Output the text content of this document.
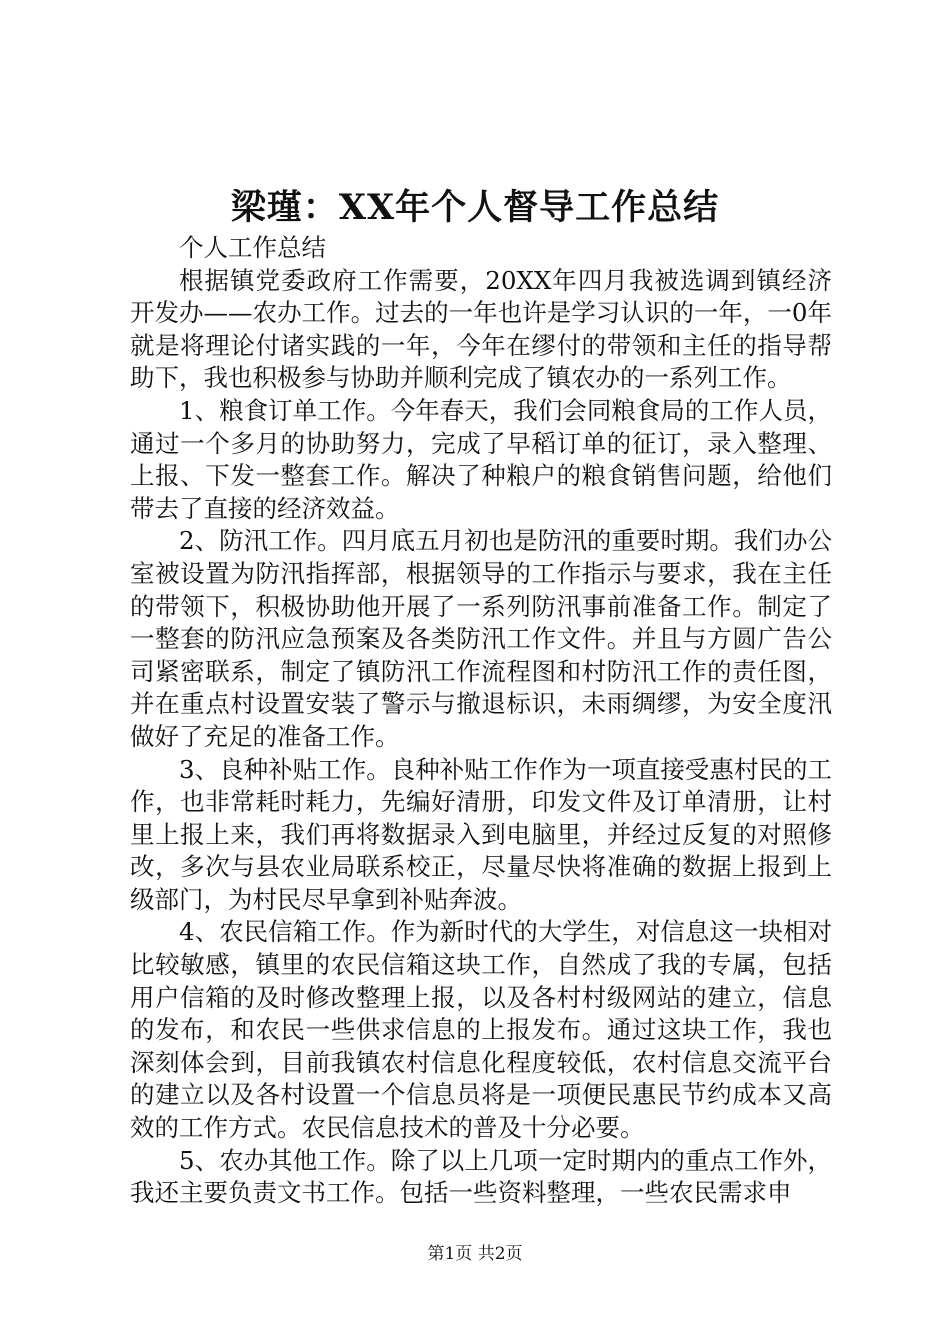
梁瑾：XX年个人督导工作总结

个人工作总结

根据镇党委政府工作需要，20XX年四月我被选调到镇经济开发办——农办工作。过去的一年也许是学习认识的一年，一0年就是将理论付诸实践的一年，今年在缪付的带领和主任的指导帮助下，我也积极参与协助并顺利完成了镇农办的一系列工作。

1、粮食订单工作。今年春天，我们会同粮食局的工作人员，通过一个多月的协助努力，完成了早稻订单的征订，录入整理、上报、下发一整套工作。解决了种粮户的粮食销售问题，给他们带去了直接的经济效益。

2、防汛工作。四月底五月初也是防汛的重要时期。我们办公室被设置为防汛指挥部，根据领导的工作指示与要求，我在主任的带领下，积极协助他开展了一系列防汛事前准备工作。制定了一整套的防汛应急预案及各类防汛工作文件。并且与方圆广告公司紧密联系，制定了镇防汛工作流程图和村防汛工作的责任图，并在重点村设置安装了警示与撤退标识，未雨绸缪，为安全度汛做好了充足的准备工作。

3、良种补贴工作。良种补贴工作作为一项直接受惠村民的工作，也非常耗时耗力，先编好清册，印发文件及订单清册，让村里上报上来，我们再将数据录入到电脑里，并经过反复的对照修改，多次与县农业局联系校正，尽量尽快将准确的数据上报到上级部门，为村民尽早拿到补贴奔波。

4、农民信箱工作。作为新时代的大学生，对信息这一块相对比较敏感，镇里的农民信箱这块工作，自然成了我的专属，包括用户信箱的及时修改整理上报，以及各村村级网站的建立，信息的发布，和农民一些供求信息的上报发布。通过这块工作，我也深刻体会到，目前我镇农村信息化程度较低，农村信息交流平台的建立以及各村设置一个信息员将是一项便民惠民节约成本又高效的工作方式。农民信息技术的普及十分必要。

5、农办其他工作。除了以上几项一定时期内的重点工作外，我还主要负责文书工作。包括一些资料整理，一些农民需求申

第1页 共2页
